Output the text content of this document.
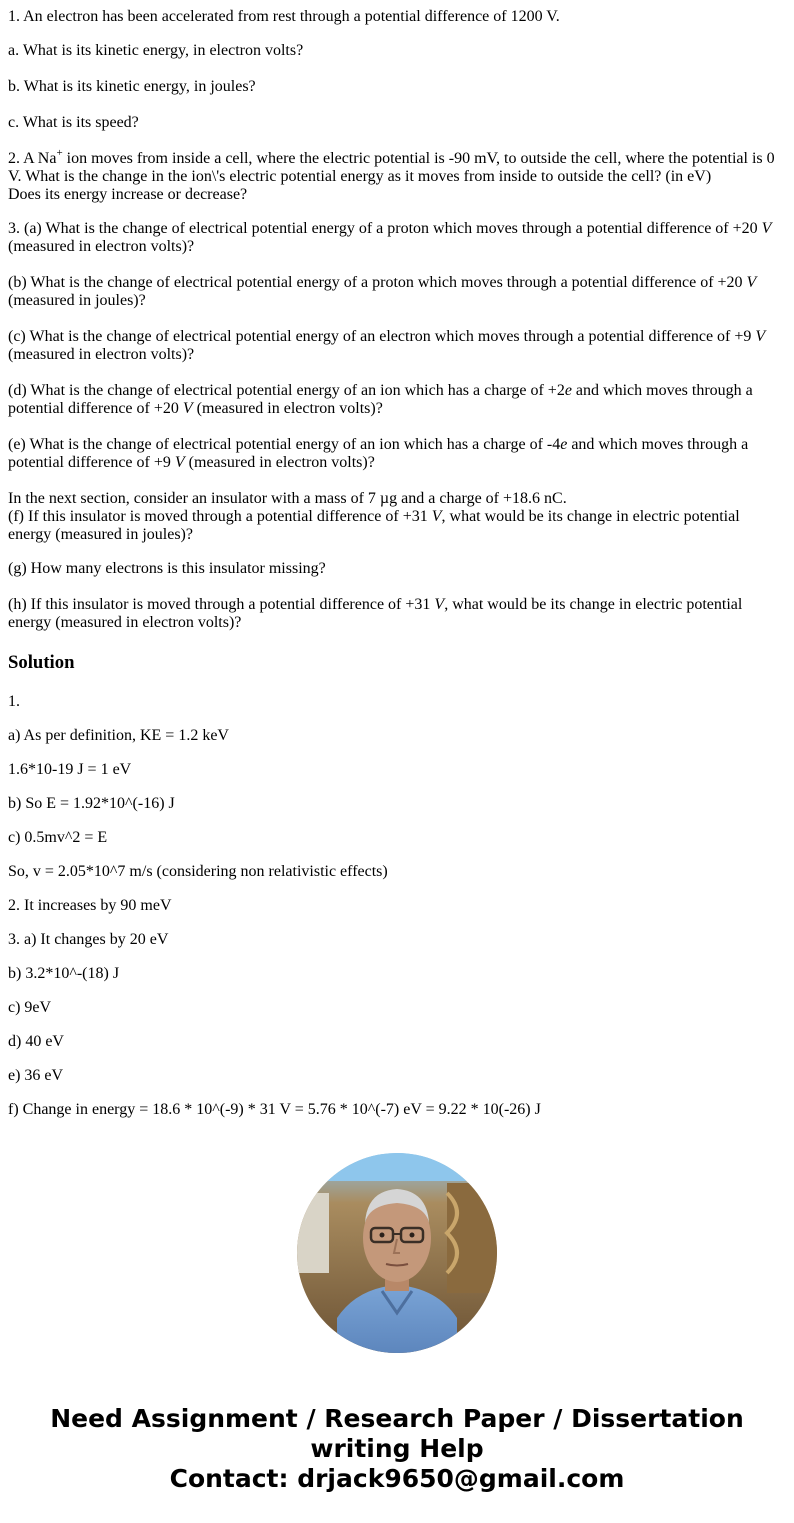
1. An electron has been accelerated from rest through a potential difference of 1200 V.

a. What is its kinetic energy, in electron volts?

b. What is its kinetic energy, in joules?

c. What is its speed?

2. A Na+ ion moves from inside a cell, where the electric potential is -90 mV, to outside the cell, where the potential is 0 V. What is the change in the ion\'s electric potential energy as it moves from inside to outside the cell? (in eV)
Does its energy increase or decrease?

3. (a) What is the change of electrical potential energy of a proton which moves through a potential difference of +20 V (measured in electron volts)?

(b) What is the change of electrical potential energy of a proton which moves through a potential difference of +20 V (measured in joules)?

(c) What is the change of electrical potential energy of an electron which moves through a potential difference of +9 V (measured in electron volts)?

(d) What is the change of electrical potential energy of an ion which has a charge of +2e and which moves through a potential difference of +20 V (measured in electron volts)?

(e) What is the change of electrical potential energy of an ion which has a charge of -4e and which moves through a potential difference of +9 V (measured in electron volts)?

In the next section, consider an insulator with a mass of 7 µg and a charge of +18.6 nC.
(f) If this insulator is moved through a potential difference of +31 V, what would be its change in electric potential energy (measured in joules)?

(g) How many electrons is this insulator missing?

(h) If this insulator is moved through a potential difference of +31 V, what would be its change in electric potential energy (measured in electron volts)?

Solution

1.

a) As per definition, KE = 1.2 keV

1.6*10-19 J = 1 eV

b) So E = 1.92*10^(-16) J

c) 0.5mv^2 = E

So, v = 2.05*10^7 m/s (considering non relativistic effects)

2. It increases by 90 meV

3. a) It changes by 20 eV

b) 3.2*10^-(18) J

c) 9eV

d) 40 eV

e) 36 eV

f) Change in energy = 18.6 * 10^(-9) * 31 V = 5.76 * 10^(-7) eV = 9.22 * 10(-26) J

Need Assignment / Research Paper / Dissertation
writing Help
Contact: drjack9650@gmail.com
